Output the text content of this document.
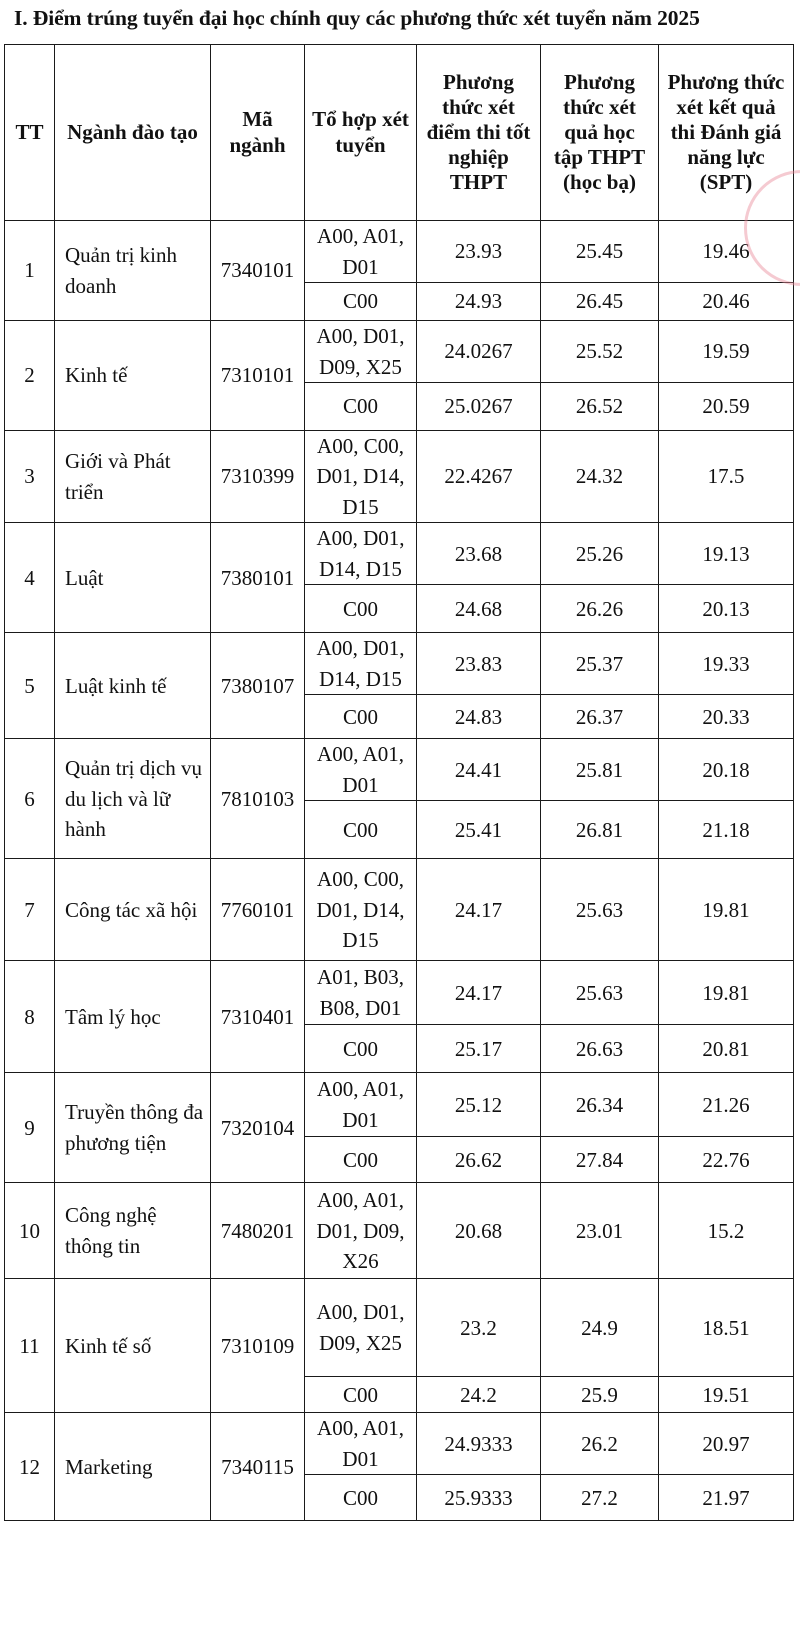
I. Điểm trúng tuyển đại học chính quy các phương thức xét tuyển năm 2025
TT	Ngành đào tạo	Mã ngành	Tổ hợp xét tuyển	Phương thức xét điểm thi tốt nghiệp THPT	Phương thức xét quả học tập THPT (học bạ)	Phương thức xét kết quả thi Đánh giá năng lực (SPT)
1	Quản trị kinh doanh	7340101	A00, A01, D01	23.93	25.45	19.46
			C00	24.93	26.45	20.46
2	Kinh tế	7310101	A00, D01, D09, X25	24.0267	25.52	19.59
			C00	25.0267	26.52	20.59
3	Giới và Phát triển	7310399	A00, C00, D01, D14, D15	22.4267	24.32	17.5
4	Luật	7380101	A00, D01, D14, D15	23.68	25.26	19.13
			C00	24.68	26.26	20.13
5	Luật kinh tế	7380107	A00, D01, D14, D15	23.83	25.37	19.33
			C00	24.83	26.37	20.33
6	Quản trị dịch vụ du lịch và lữ hành	7810103	A00, A01, D01	24.41	25.81	20.18
			C00	25.41	26.81	21.18
7	Công tác xã hội	7760101	A00, C00, D01, D14, D15	24.17	25.63	19.81
8	Tâm lý học	7310401	A01, B03, B08, D01	24.17	25.63	19.81
			C00	25.17	26.63	20.81
9	Truyền thông đa phương tiện	7320104	A00, A01, D01	25.12	26.34	21.26
			C00	26.62	27.84	22.76
10	Công nghệ thông tin	7480201	A00, A01, D01, D09, X26	20.68	23.01	15.2
11	Kinh tế số	7310109	A00, D01, D09, X25	23.2	24.9	18.51
			C00	24.2	25.9	19.51
12	Marketing	7340115	A00, A01, D01	24.9333	26.2	20.97
			C00	25.9333	27.2	21.97
